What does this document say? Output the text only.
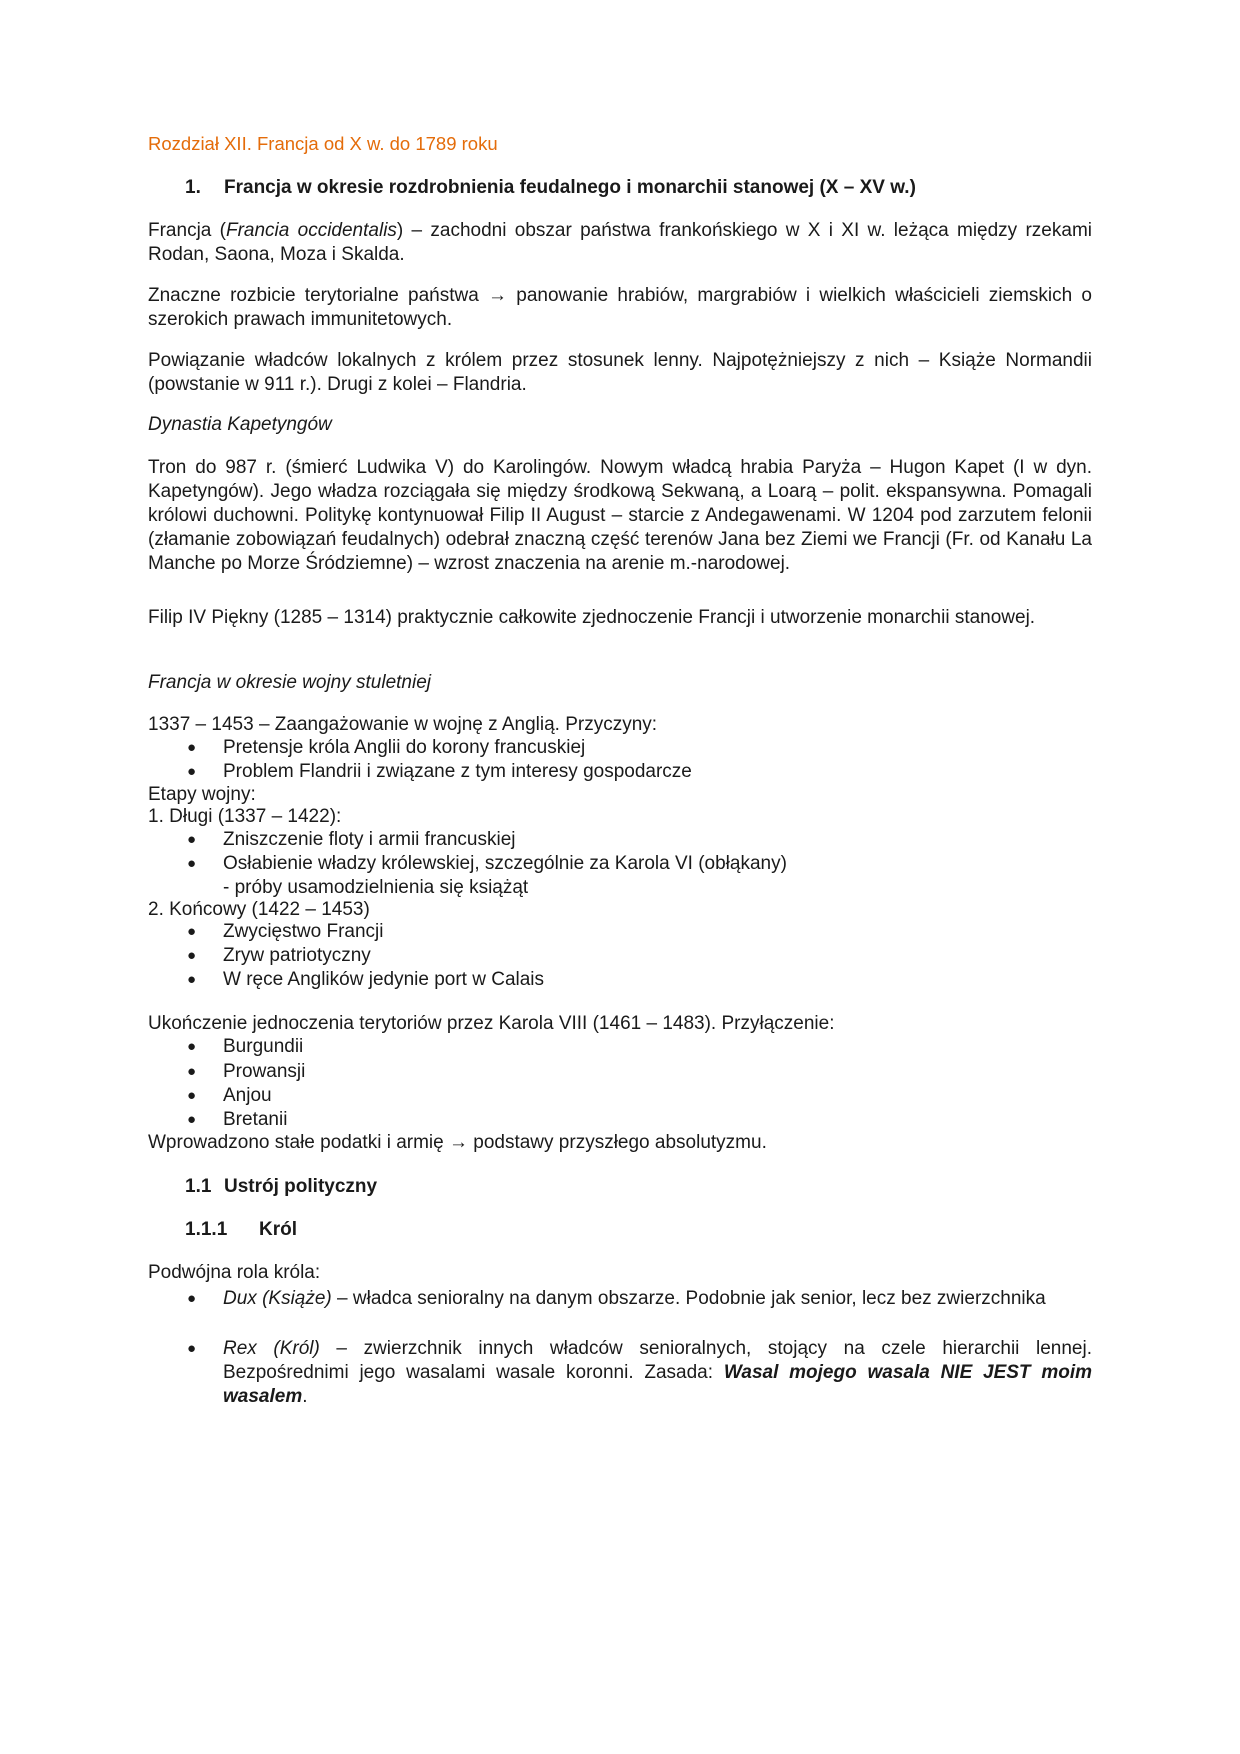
Rozdział XII. Francja od X w. do 1789 roku
1. Francja w okresie rozdrobnienia feudalnego i monarchii stanowej (X – XV w.)

Francja (Francia occidentalis) – zachodni obszar państwa frankońskiego w X i XI w. leżąca między rzekami Rodan, Saona, Moza i Skalda.

Znaczne rozbicie terytorialne państwa → panowanie hrabiów, margrabiów i wielkich właścicieli ziemskich o szerokich prawach immunitetowych.

Powiązanie władców lokalnych z królem przez stosunek lenny. Najpotężniejszy z nich – Książe Normandii (powstanie w 911 r.). Drugi z kolei – Flandria.

Dynastia Kapetyngów

Tron do 987 r. (śmierć Ludwika V) do Karolingów. Nowym władcą hrabia Paryża – Hugon Kapet (I w dyn. Kapetyngów). Jego władza rozciągała się między środkową Sekwaną, a Loarą – polit. ekspansywna. Pomagali królowi duchowni. Politykę kontynuował Filip II August – starcie z Andegawenami. W 1204 pod zarzutem felonii (złamanie zobowiązań feudalnych) odebrał znaczną część terenów Jana bez Ziemi we Francji (Fr. od Kanału La Manche po Morze Śródziemne) – wzrost znaczenia na arenie m.-narodowej.

Filip IV Piękny (1285 – 1314) praktycznie całkowite zjednoczenie Francji i utworzenie monarchii stanowej.

Francja w okresie wojny stuletniej
1337 – 1453 – Zaangażowanie w wojnę z Anglią. Przyczyny:
● Pretensje króla Anglii do korony francuskiej
● Problem Flandrii i związane z tym interesy gospodarcze
Etapy wojny:
1. Długi (1337 – 1422):
● Zniszczenie floty i armii francuskiej
● Osłabienie władzy królewskiej, szczególnie za Karola VI (obłąkany)
- próby usamodzielnienia się książąt
2. Końcowy (1422 – 1453)
● Zwycięstwo Francji
● Zryw patriotyczny
● W ręce Anglików jedynie port w Calais
Ukończenie jednoczenia terytoriów przez Karola VIII (1461 – 1483). Przyłączenie:
● Burgundii
● Prowansji
● Anjou
● Bretanii
Wprowadzono stałe podatki i armię → podstawy przyszłego absolutyzmu.
1.1 Ustrój polityczny
1.1.1 Król
Podwójna rola króla:
● Dux (Książe) – władca senioralny na danym obszarze. Podobnie jak senior, lecz bez zwierzchnika

● Rex (Król) – zwierzchnik innych władców senioralnych, stojący na czele hierarchii lennej. Bezpośrednimi jego wasalami wasale koronni. Zasada: Wasal mojego wasala NIE JEST moim wasalem.
